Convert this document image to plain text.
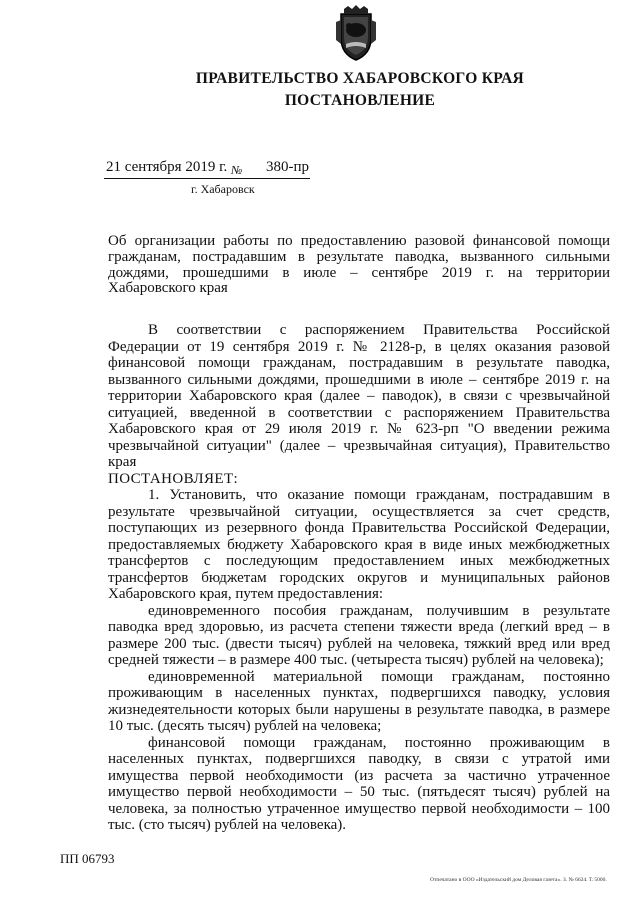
ПРАВИТЕЛЬСТВО ХАБАРОВСКОГО КРАЯ
ПОСТАНОВЛЕНИЕ
21 сентября 2019 г. № 380-пр
г. Хабаровск
Об организации работы по предоставлению разовой финансовой помощи гражданам, пострадавшим в результате паводка, вызванного сильными дождями, прошедшими в июле – сентябре 2019 г. на территории Хабаровского края

В соответствии с распоряжением Правительства Российской Федерации от 19 сентября 2019 г. № 2128-р, в целях оказания разовой финансовой помощи гражданам, пострадавшим в результате паводка, вызванного сильными дождями, прошедшими в июле – сентябре 2019 г. на территории Хабаровского края (далее – паводок), в связи с чрезвычайной ситуацией, введенной в соответствии с распоряжением Правительства Хабаровского края от 29 июля 2019 г. № 623-рп "О введении режима чрезвычайной ситуации" (далее – чрезвычайная ситуация), Правительство края

ПОСТАНОВЛЯЕТ:

1. Установить, что оказание помощи гражданам, пострадавшим в результате чрезвычайной ситуации, осуществляется за счет средств, поступающих из резервного фонда Правительства Российской Федерации, предоставляемых бюджету Хабаровского края в виде иных межбюджетных трансфертов с последующим предоставлением иных межбюджетных трансфертов бюджетам городских округов и муниципальных районов Хабаровского края, путем предоставления:

единовременного пособия гражданам, получившим в результате паводка вред здоровью, из расчета степени тяжести вреда (легкий вред – в размере 200 тыс. (двести тысяч) рублей на человека, тяжкий вред или вред средней тяжести – в размере 400 тыс. (четыреста тысяч) рублей на человека);

единовременной материальной помощи гражданам, постоянно проживающим в населенных пунктах, подвергшихся паводку, условия жизнедеятельности которых были нарушены в результате паводка, в размере 10 тыс. (десять тысяч) рублей на человека;

финансовой помощи гражданам, постоянно проживающим в населенных пунктах, подвергшихся паводку, в связи с утратой ими имущества первой необходимости (из расчета за частично утраченное имущество первой необходимости – 50 тыс. (пятьдесят тысяч) рублей на человека, за полностью утраченное имущество первой необходимости – 100 тыс. (сто тысяч) рублей на человека).

ПП 06793
Отпечатано в ООО «Издательский дом Деловая газета». З. № 6624. Т. 5000.
